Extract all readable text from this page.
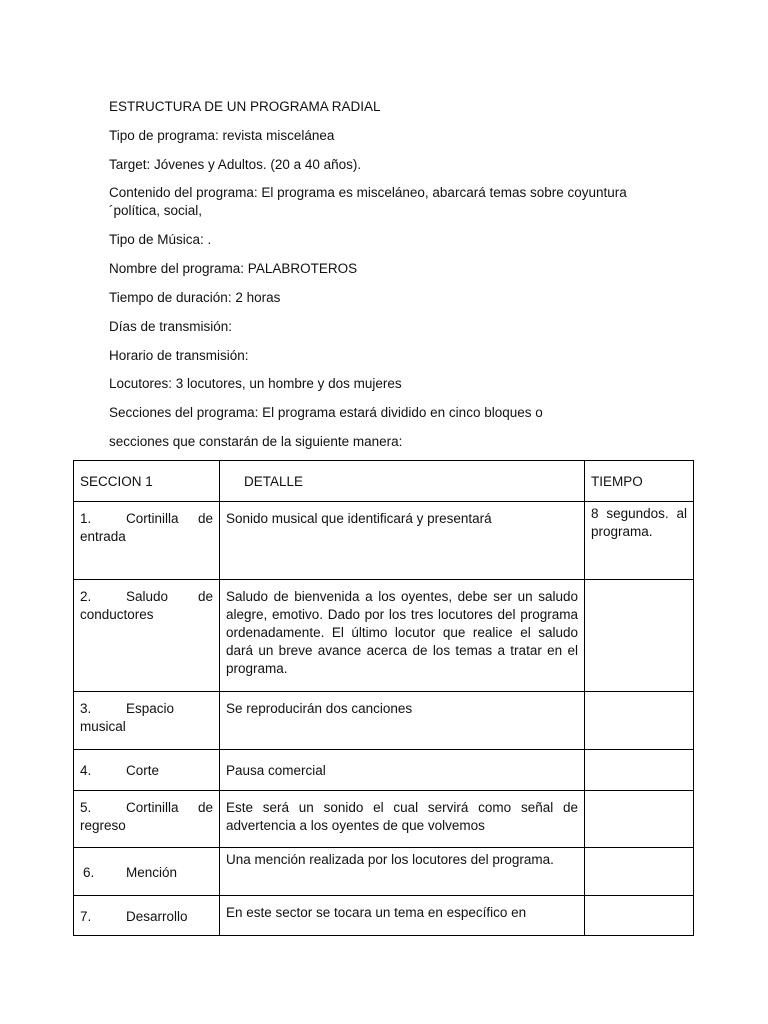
ESTRUCTURA DE UN PROGRAMA RADIAL
Tipo de programa: revista miscelánea
Target: Jóvenes y Adultos. (20 a 40 años).
Contenido del programa: El programa es misceláneo, abarcará temas sobre coyuntura
´política, social,
Tipo de Música: .
Nombre del programa: PALABROTEROS
Tiempo de duración: 2 horas
Días de transmisión:
Horario de transmisión:
Locutores: 3 locutores, un hombre y dos mujeres
Secciones del programa: El programa estará dividido en cinco bloques o
secciones que constarán de la siguiente manera:
SECCION 1	DETALLE	TIEMPO
1. Cortinilla de entrada	Sonido musical que identificará y presentará	8 segundos. al programa.
2. Saludo de conductores	Saludo de bienvenida a los oyentes, debe ser un saludo alegre, emotivo. Dado por los tres locutores del programa ordenadamente. El último locutor que realice el saludo dará un breve avance acerca de los temas a tratar en el programa.	
3. Espacio musical	Se reproducirán dos canciones	
4. Corte	Pausa comercial	
5. Cortinilla de regreso	Este será un sonido el cual servirá como señal de advertencia a los oyentes de que volvemos	
6. Mención	Una mención realizada por los locutores del programa.	
7. Desarrollo	En este sector se tocara un tema en específico en	
